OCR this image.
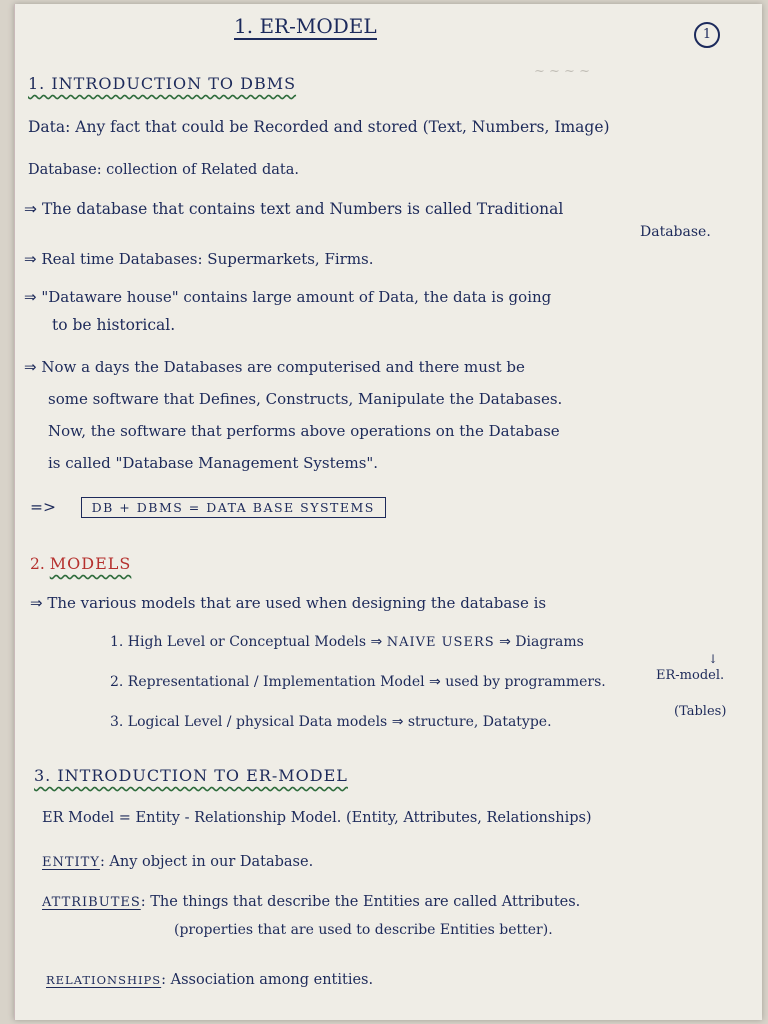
~ ~ ~ ~
1. ER-MODEL	1
1. INTRODUCTION TO DBMS
Data: Any fact that could be Recorded and stored (Text, Numbers, Image)
Database: collection of Related data.
⇒ The database that contains text and Numbers is called Traditional
Database.
⇒ Real time Databases: Supermarkets, Firms.
⇒ "Dataware house" contains large amount of Data, the data is going
to be historical.
⇒ Now a days the Databases are computerised and there must be
some software that Defines, Constructs, Manipulate the Databases.
Now, the software that performs above operations on the Database
is called "Database Management Systems".
=>	DB + DBMS = DATA BASE SYSTEMS
2. MODELS
⇒ The various models that are used when designing the database is
1. High Level or Conceptual Models ⇒ NAIVE USERS ⇒ Diagrams
↓
ER-model.
2. Representational / Implementation Model ⇒ used by programmers.
(Tables)
3. Logical Level / physical Data models ⇒ structure, Datatype.
3. INTRODUCTION TO ER-MODEL
ER Model = Entity - Relationship Model. (Entity, Attributes, Relationships)
ENTITY: Any object in our Database.
ATTRIBUTES: The things that describe the Entities are called Attributes.
(properties that are used to describe Entities better).
RELATIONSHIPS: Association among entities.
